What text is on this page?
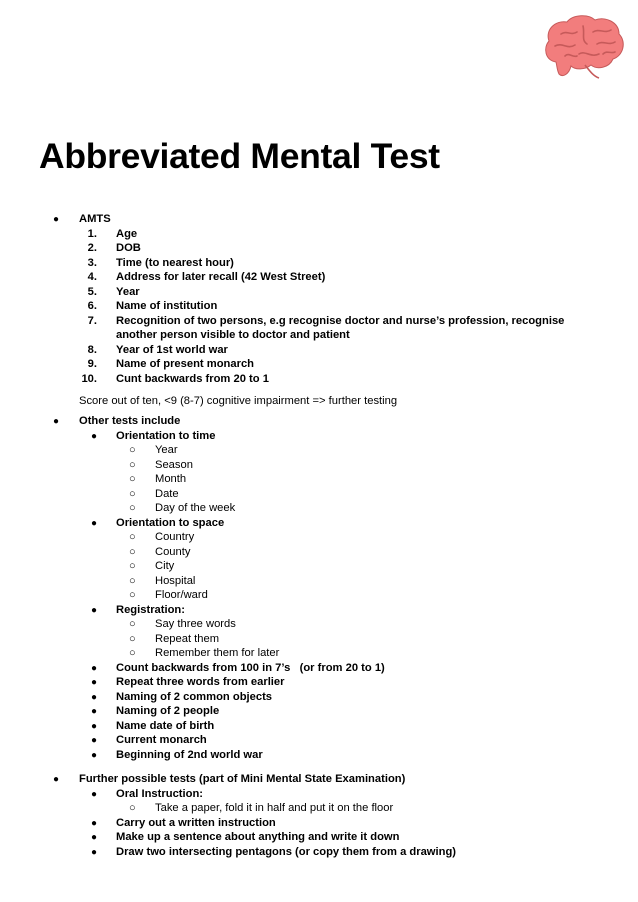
Abbreviated Mental Test
● AMTS
1. Age
2. DOB
3. Time (to nearest hour)
4. Address for later recall (42 West Street)
5. Year
6. Name of institution
7. Recognition of two persons, e.g recognise doctor and nurse’s profession, recognise
another person visible to doctor and patient
8. Year of 1st world war
9. Name of present monarch
10. Cunt backwards from 20 to 1
Score out of ten, <9 (8-7) cognitive impairment => further testing
● Other tests include
● Orientation to time
○ Year
○ Season
○ Month
○ Date
○ Day of the week
● Orientation to space
○ Country
○ County
○ City
○ Hospital
○ Floor/ward
● Registration:
○ Say three words
○ Repeat them
○ Remember them for later
● Count backwards from 100 in 7’s   (or from 20 to 1)
● Repeat three words from earlier
● Naming of 2 common objects
● Naming of 2 people
● Name date of birth
● Current monarch
● Beginning of 2nd world war
● Further possible tests (part of Mini Mental State Examination)
● Oral Instruction:
○ Take a paper, fold it in half and put it on the floor
● Carry out a written instruction
● Make up a sentence about anything and write it down
● Draw two intersecting pentagons (or copy them from a drawing)
